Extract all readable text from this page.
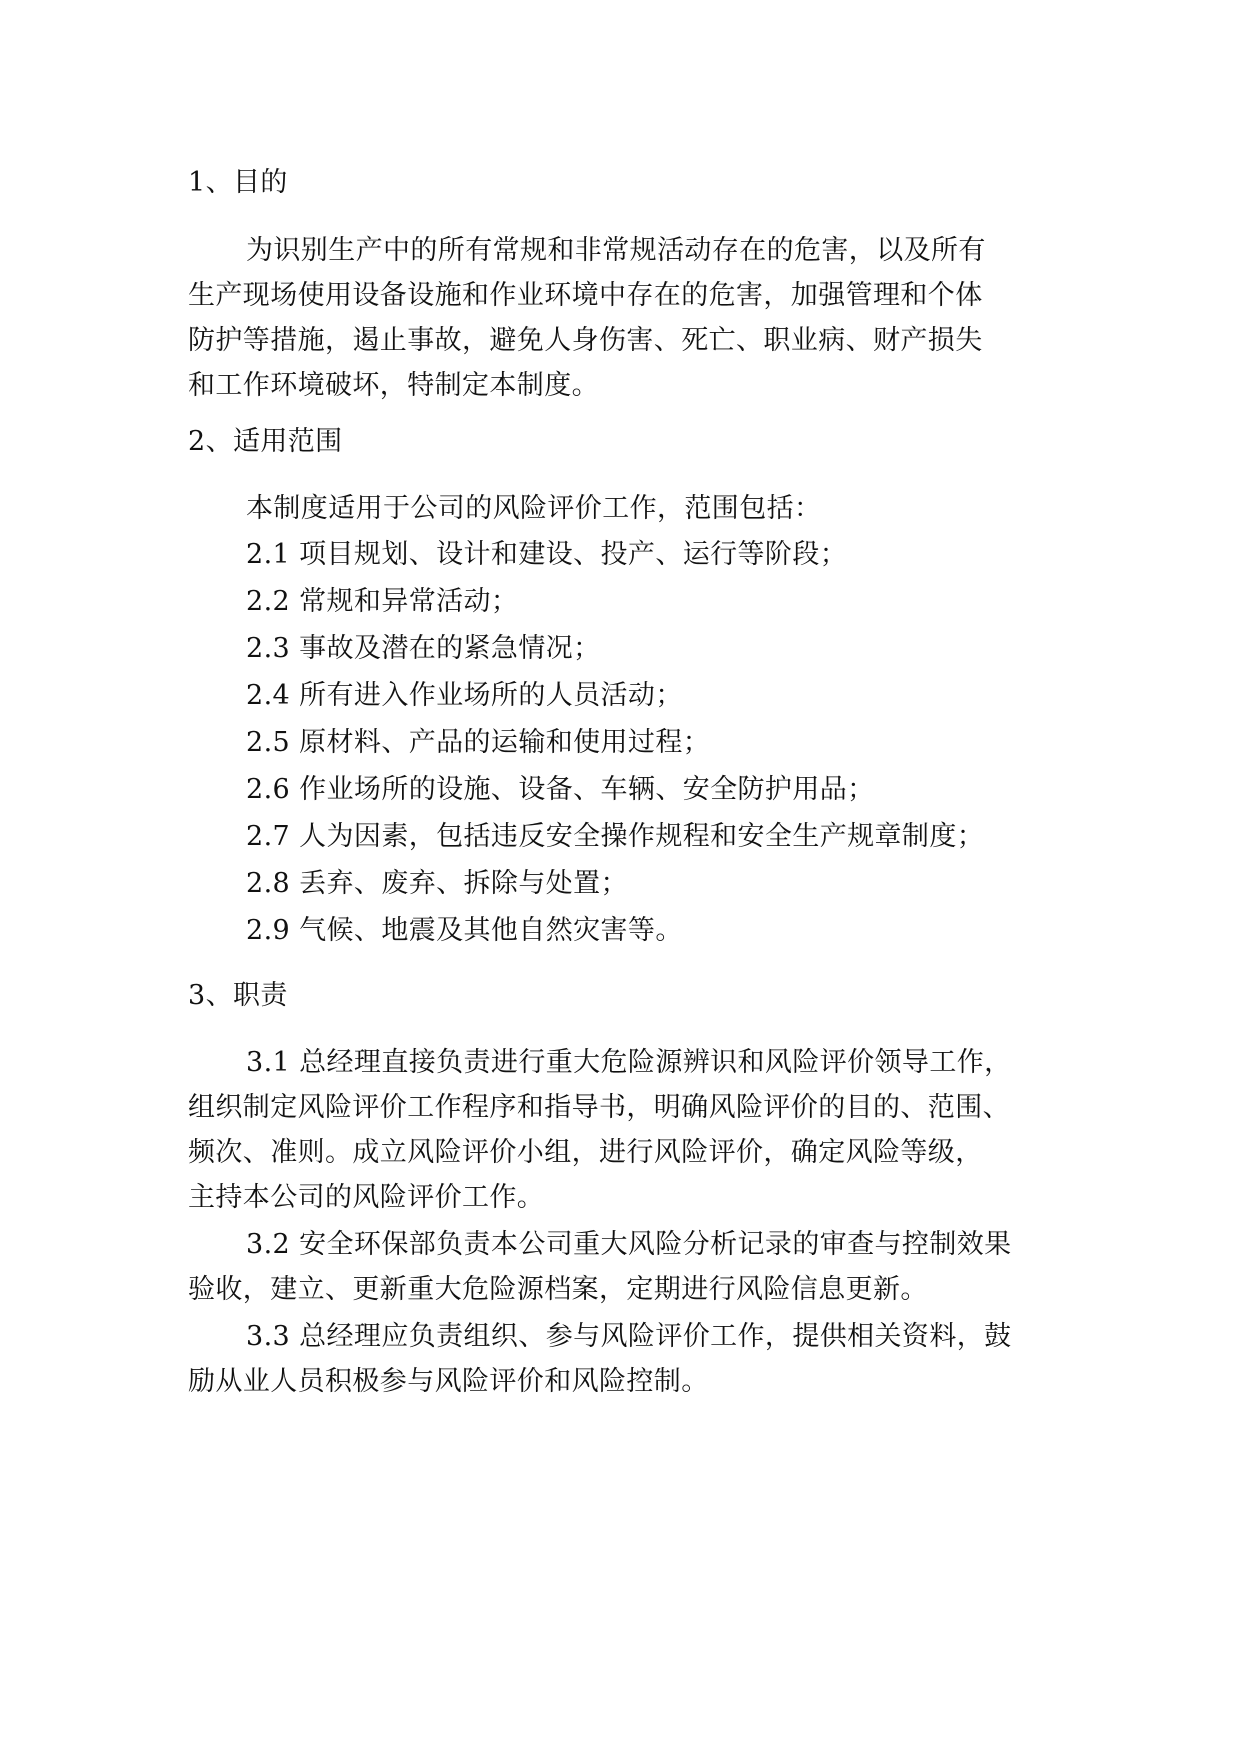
1、目的
为识别生产中的所有常规和非常规活动存在的危害，以及所有
生产现场使用设备设施和作业环境中存在的危害，加强管理和个体
防护等措施，遏止事故，避免人身伤害、死亡、职业病、财产损失
和工作环境破坏，特制定本制度。
2、适用范围
本制度适用于公司的风险评价工作，范围包括：
2.1 项目规划、设计和建设、投产、运行等阶段；
2.2 常规和异常活动；
2.3 事故及潜在的紧急情况；
2.4 所有进入作业场所的人员活动；
2.5 原材料、产品的运输和使用过程；
2.6 作业场所的设施、设备、车辆、安全防护用品；
2.7 人为因素，包括违反安全操作规程和安全生产规章制度；
2.8 丢弃、废弃、拆除与处置；
2.9 气候、地震及其他自然灾害等。
3、职责
3.1 总经理直接负责进行重大危险源辨识和风险评价领导工作，
组织制定风险评价工作程序和指导书，明确风险评价的目的、范围、
频次、准则。成立风险评价小组，进行风险评价，确定风险等级，
主持本公司的风险评价工作。
3.2 安全环保部负责本公司重大风险分析记录的审查与控制效果
验收，建立、更新重大危险源档案，定期进行风险信息更新。
3.3 总经理应负责组织、参与风险评价工作，提供相关资料，鼓
励从业人员积极参与风险评价和风险控制。
